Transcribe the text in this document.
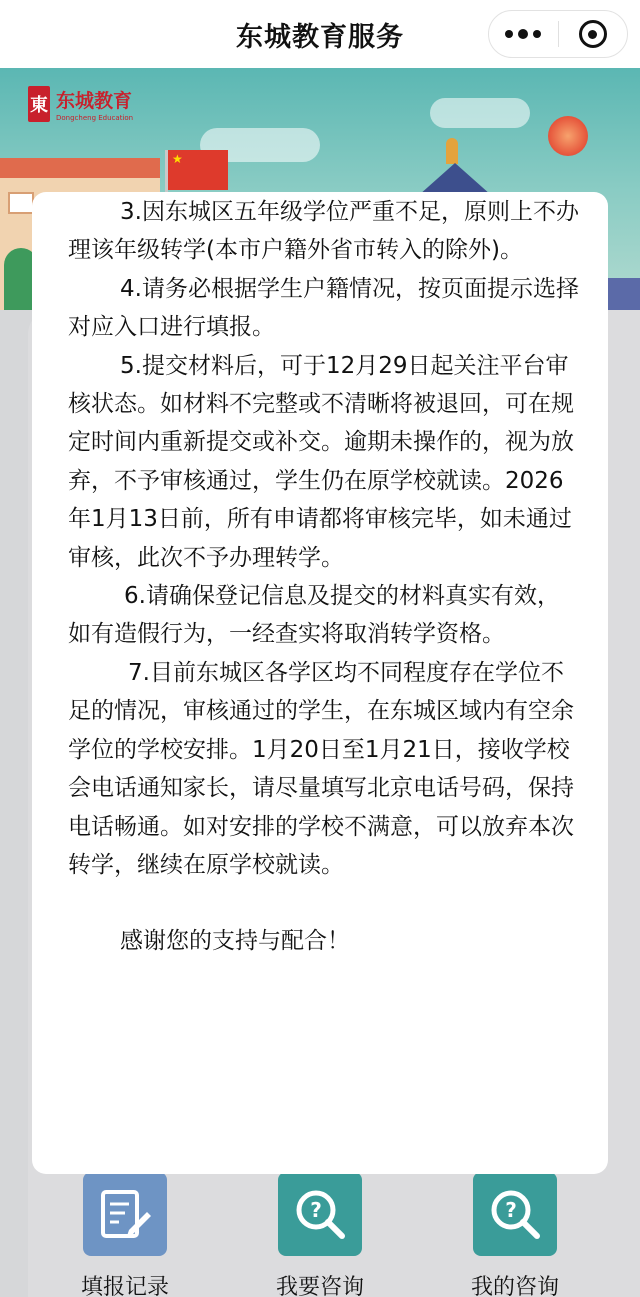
东城教育服务
東 东城教育
Dongcheng Education
★
填报记录
?
我要咨询
?
我的咨询

3.因东城区五年级学位严重不足，原则上不办理该年级转学(本市户籍外省市转入的除外)。

4.请务必根据学生户籍情况，按页面提示选择对应入口进行填报。

5.提交材料后，可于12月29日起关注平台审核状态。如材料不完整或不清晰将被退回，可在规定时间内重新提交或补交。逾期未操作的，视为放弃，不予审核通过，学生仍在原学校就读。2026年1月13日前，所有申请都将审核完毕，如未通过审核，此次不予办理转学。

6.请确保登记信息及提交的材料真实有效，如有造假行为，一经查实将取消转学资格。

7.目前东城区各学区均不同程度存在学位不足的情况，审核通过的学生，在东城区域内有空余学位的学校安排。1月20日至1月21日，接收学校会电话通知家长，请尽量填写北京电话号码，保持电话畅通。如对安排的学校不满意，可以放弃本次转学，继续在原学校就读。

感谢您的支持与配合！
